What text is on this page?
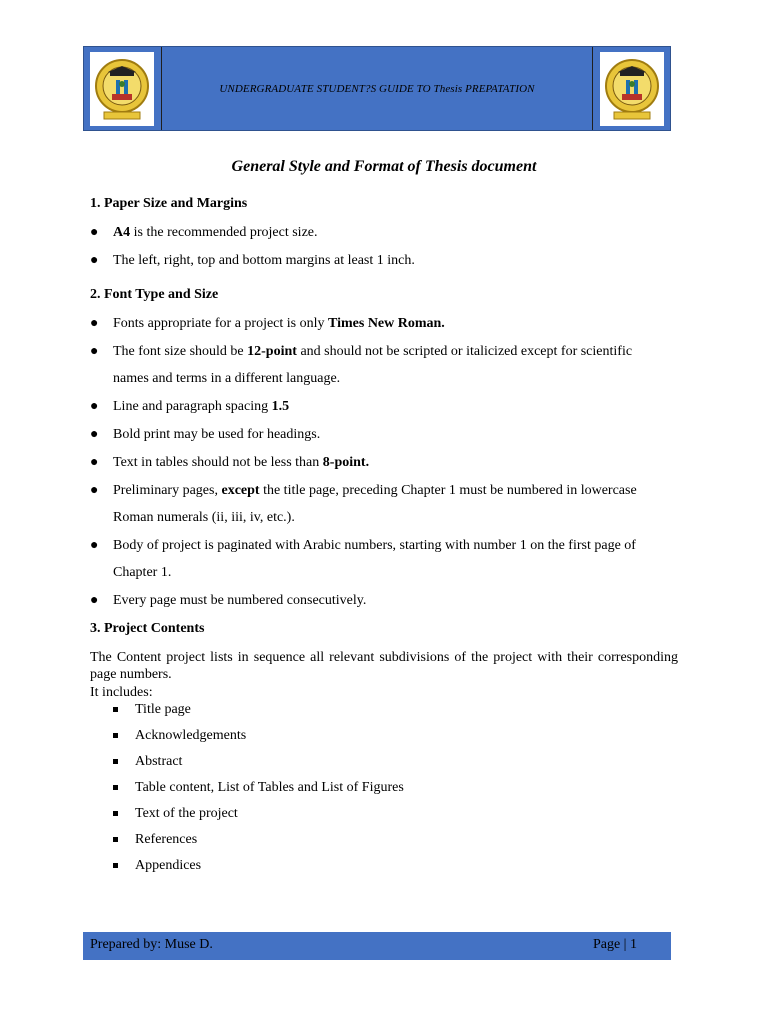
UNDERGRADUATE STUDENT?S GUIDE TO Thesis PREPATATION
General Style and Format of Thesis document
1. Paper Size and Margins
● A4 is the recommended project size.
● The left, right, top and bottom margins at least 1 inch.
2. Font Type and Size
● Fonts appropriate for a project is only Times New Roman.
● The font size should be 12-point and should not be scripted or italicized except for scientific
names and terms in a different language.
● Line and paragraph spacing 1.5
● Bold print may be used for headings.
● Text in tables should not be less than 8-point.
● Preliminary pages, except the title page, preceding Chapter 1 must be numbered in lowercase
Roman numerals (ii, iii, iv, etc.).
● Body of project is paginated with Arabic numbers, starting with number 1 on the first page of
Chapter 1.
● Every page must be numbered consecutively.
3. Project Contents
The Content project lists in sequence all relevant subdivisions of the project with their corresponding page numbers.
It includes:
Title page
Acknowledgements
Abstract
Table content, List of Tables and List of Figures
Text of the project
References
Appendices
Prepared by: Muse D.	Page | 1
